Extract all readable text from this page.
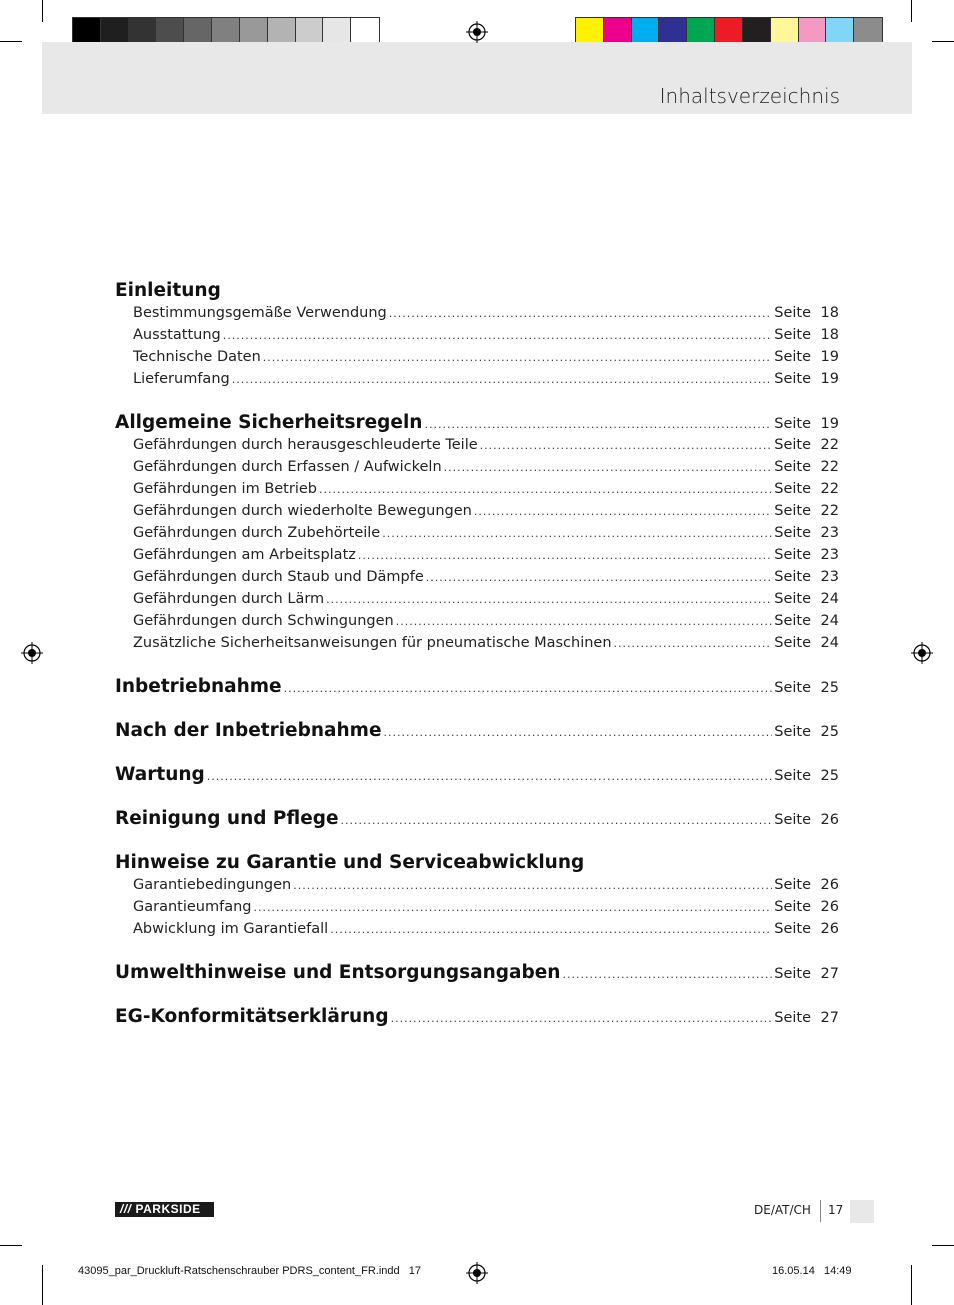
Inhaltsverzeichnis
Einleitung
Bestimmungsgemäße Verwendung .....	Seite 18
Ausstattung .....	Seite 18
Technische Daten .....	Seite 19
Lieferumfang .....	Seite 19
Allgemeine Sicherheitsregeln .....	Seite 19
Gefährdungen durch herausgeschleuderte Teile .....	Seite 22
Gefährdungen durch Erfassen / Aufwickeln .....	Seite 22
Gefährdungen im Betrieb .....	Seite 22
Gefährdungen durch wiederholte Bewegungen .....	Seite 22
Gefährdungen durch Zubehörteile .....	Seite 23
Gefährdungen am Arbeitsplatz .....	Seite 23
Gefährdungen durch Staub und Dämpfe .....	Seite 23
Gefährdungen durch Lärm .....	Seite 24
Gefährdungen durch Schwingungen .....	Seite 24
Zusätzliche Sicherheitsanweisungen für pneumatische Maschinen .....	Seite 24
Inbetriebnahme .....	Seite 25
Nach der Inbetriebnahme .....	Seite 25
Wartung .....	Seite 25
Reinigung und Pflege .....	Seite 26
Hinweise zu Garantie und Serviceabwicklung
Garantiebedingungen .....	Seite 26
Garantieumfang .....	Seite 26
Abwicklung im Garantiefall .....	Seite 26
Umwelthinweise und Entsorgungsangaben .....	Seite 27
EG-Konformitätserklärung .....	Seite 27
/// PARKSIDE	DE/AT/CH 17
43095_par_Druckluft-Ratschenschrauber PDRS_content_FR.indd   17	16.05.14   14:49
